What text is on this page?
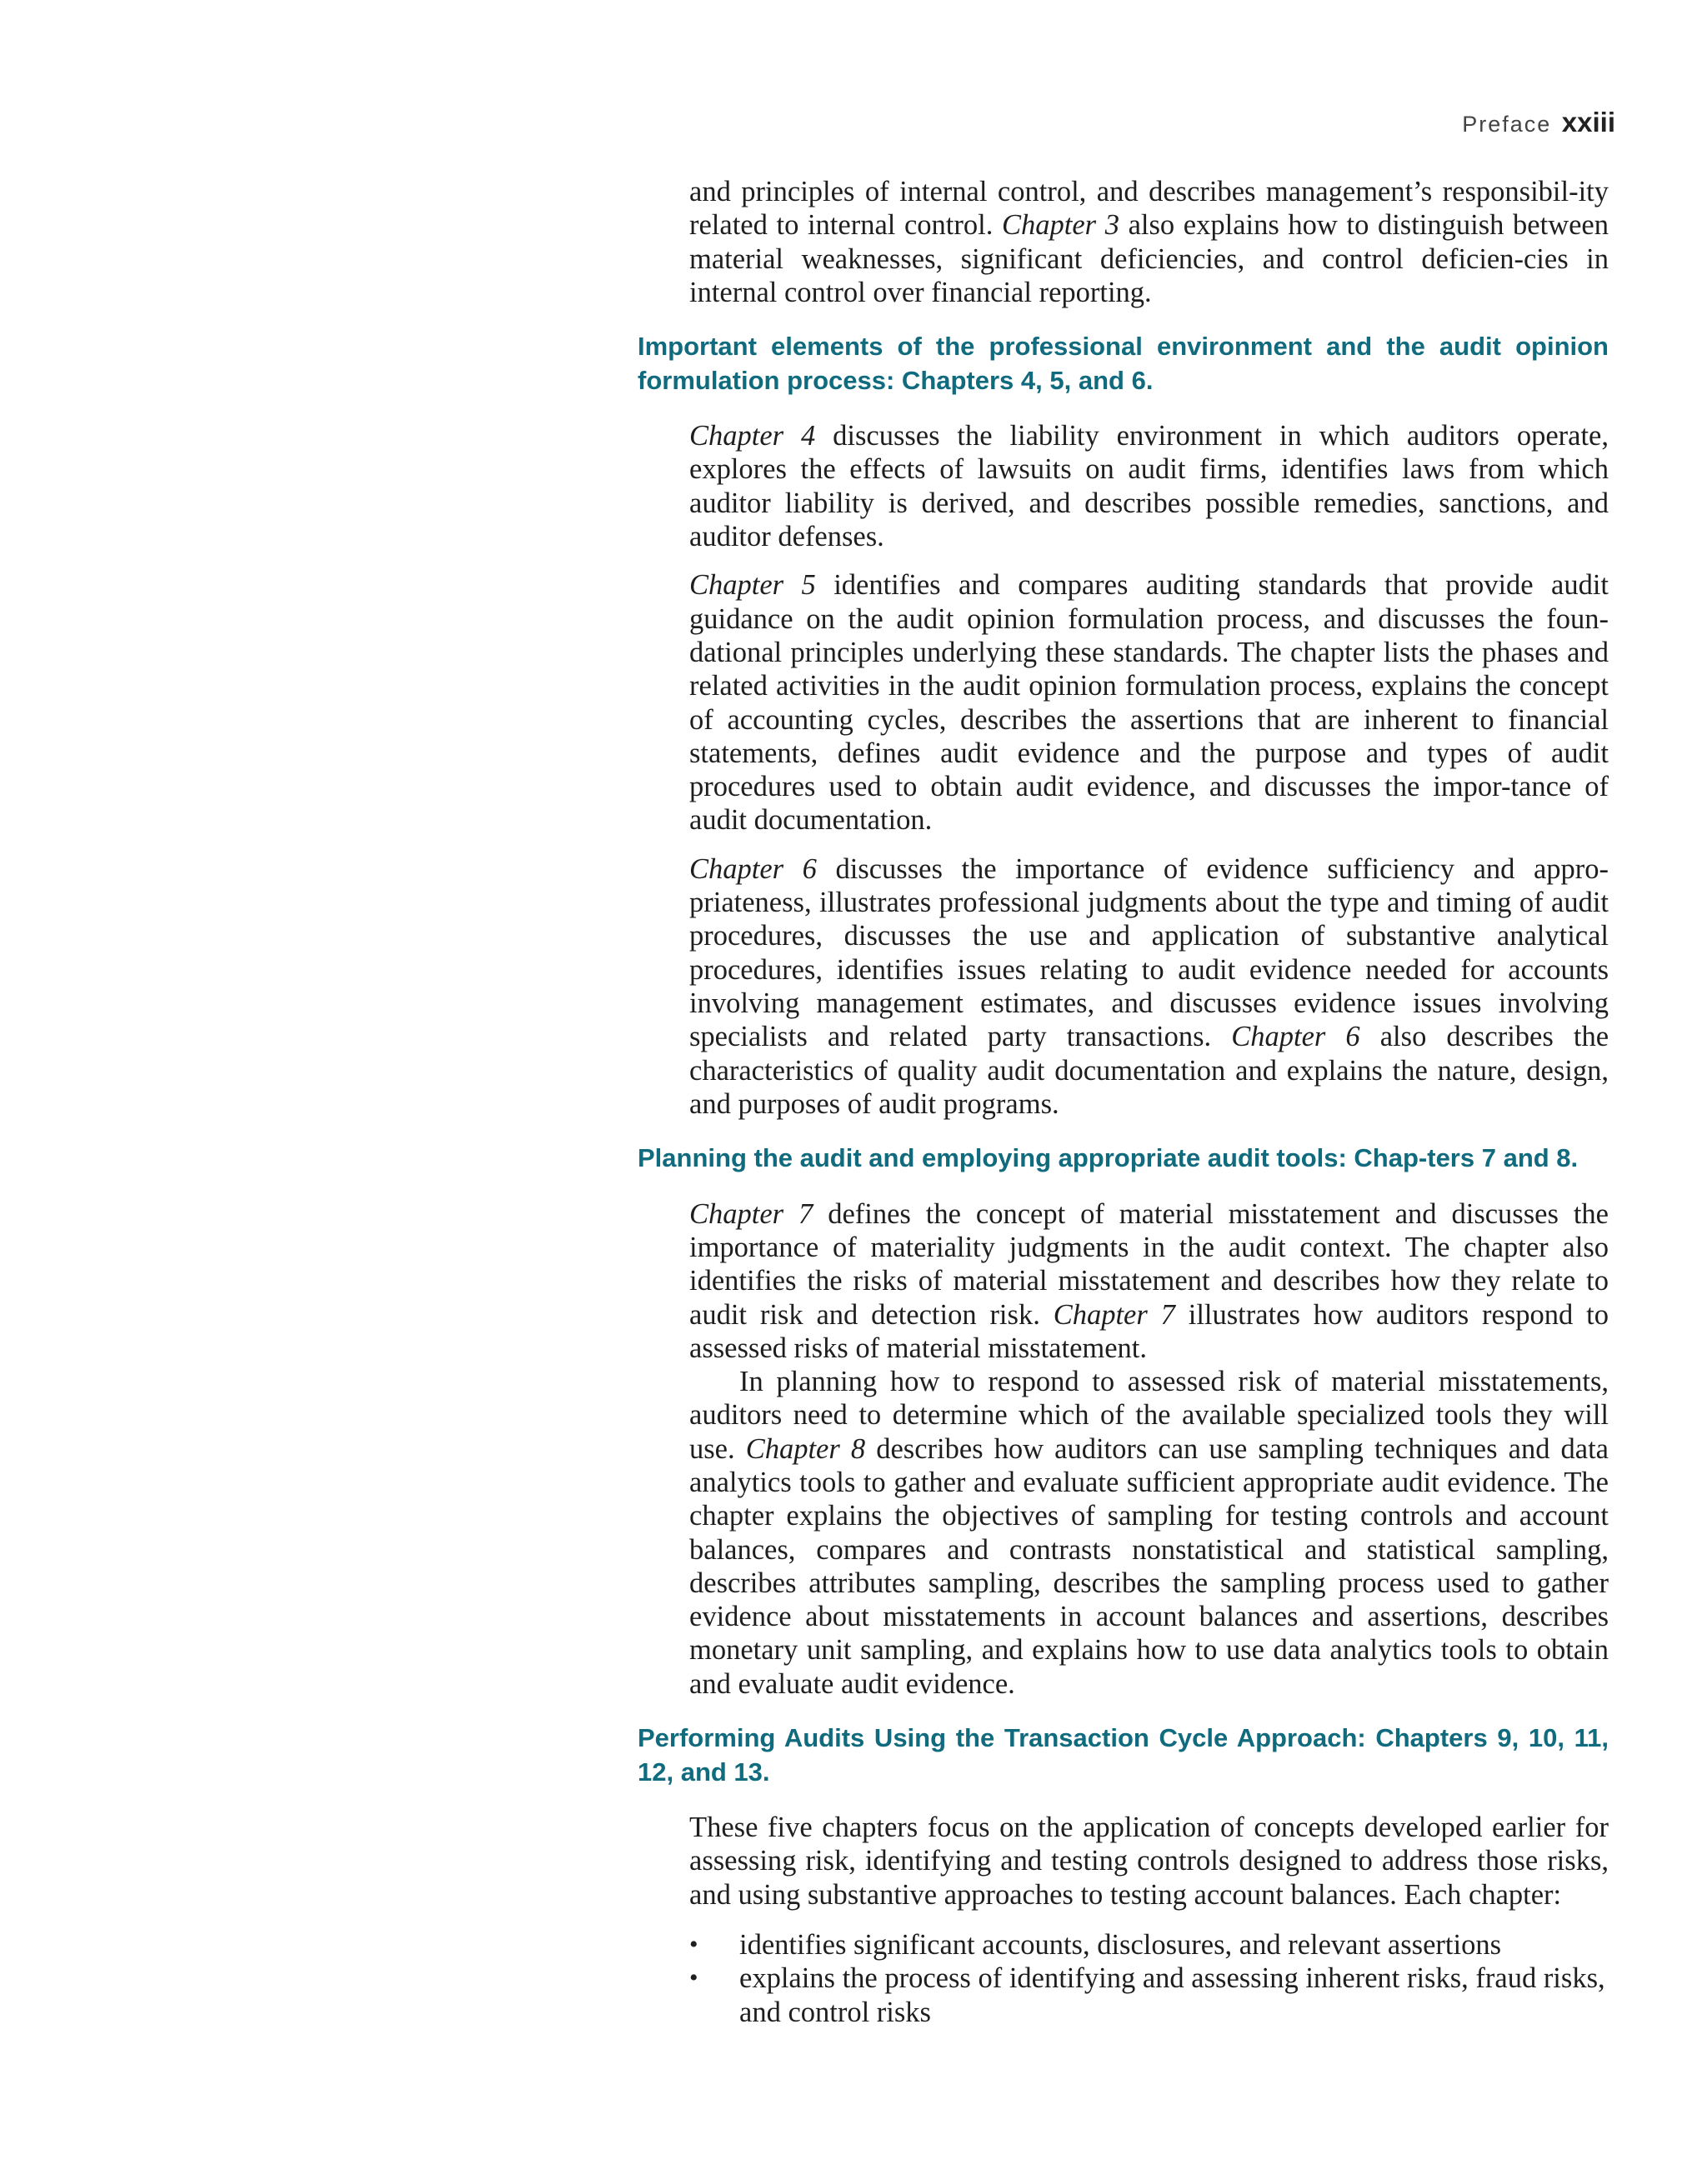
Preface xxiii

and principles of internal control, and describes management’s responsibil-ity related to internal control. Chapter 3 also explains how to distinguish between material weaknesses, significant deficiencies, and control deficien-cies in internal control over financial reporting.

Important elements of the professional environment and the audit opinion formulation process: Chapters 4, 5, and 6.

Chapter 4 discusses the liability environment in which auditors operate, explores the effects of lawsuits on audit firms, identifies laws from which auditor liability is derived, and describes possible remedies, sanctions, and auditor defenses.

Chapter 5 identifies and compares auditing standards that provide audit guidance on the audit opinion formulation process, and discusses the foun-dational principles underlying these standards. The chapter lists the phases and related activities in the audit opinion formulation process, explains the concept of accounting cycles, describes the assertions that are inherent to financial statements, defines audit evidence and the purpose and types of audit procedures used to obtain audit evidence, and discusses the impor-tance of audit documentation.

Chapter 6 discusses the importance of evidence sufficiency and appro-priateness, illustrates professional judgments about the type and timing of audit procedures, discusses the use and application of substantive analytical procedures, identifies issues relating to audit evidence needed for accounts involving management estimates, and discusses evidence issues involving specialists and related party transactions. Chapter 6 also describes the characteristics of quality audit documentation and explains the nature, design, and purposes of audit programs.

Planning the audit and employing appropriate audit tools: Chap-ters 7 and 8.

Chapter 7 defines the concept of material misstatement and discusses the importance of materiality judgments in the audit context. The chapter also identifies the risks of material misstatement and describes how they relate to audit risk and detection risk. Chapter 7 illustrates how auditors respond to assessed risks of material misstatement.

In planning how to respond to assessed risk of material misstatements, auditors need to determine which of the available specialized tools they will use. Chapter 8 describes how auditors can use sampling techniques and data analytics tools to gather and evaluate sufficient appropriate audit evidence. The chapter explains the objectives of sampling for testing controls and account balances, compares and contrasts nonstatistical and statistical sampling, describes attributes sampling, describes the sampling process used to gather evidence about misstatements in account balances and assertions, describes monetary unit sampling, and explains how to use data analytics tools to obtain and evaluate audit evidence.

Performing Audits Using the Transaction Cycle Approach: Chapters 9, 10, 11, 12, and 13.

These five chapters focus on the application of concepts developed earlier for assessing risk, identifying and testing controls designed to address those risks, and using substantive approaches to testing account balances. Each chapter:

• identifies significant accounts, disclosures, and relevant assertions
• explains the process of identifying and assessing inherent risks, fraud risks, and control risks
